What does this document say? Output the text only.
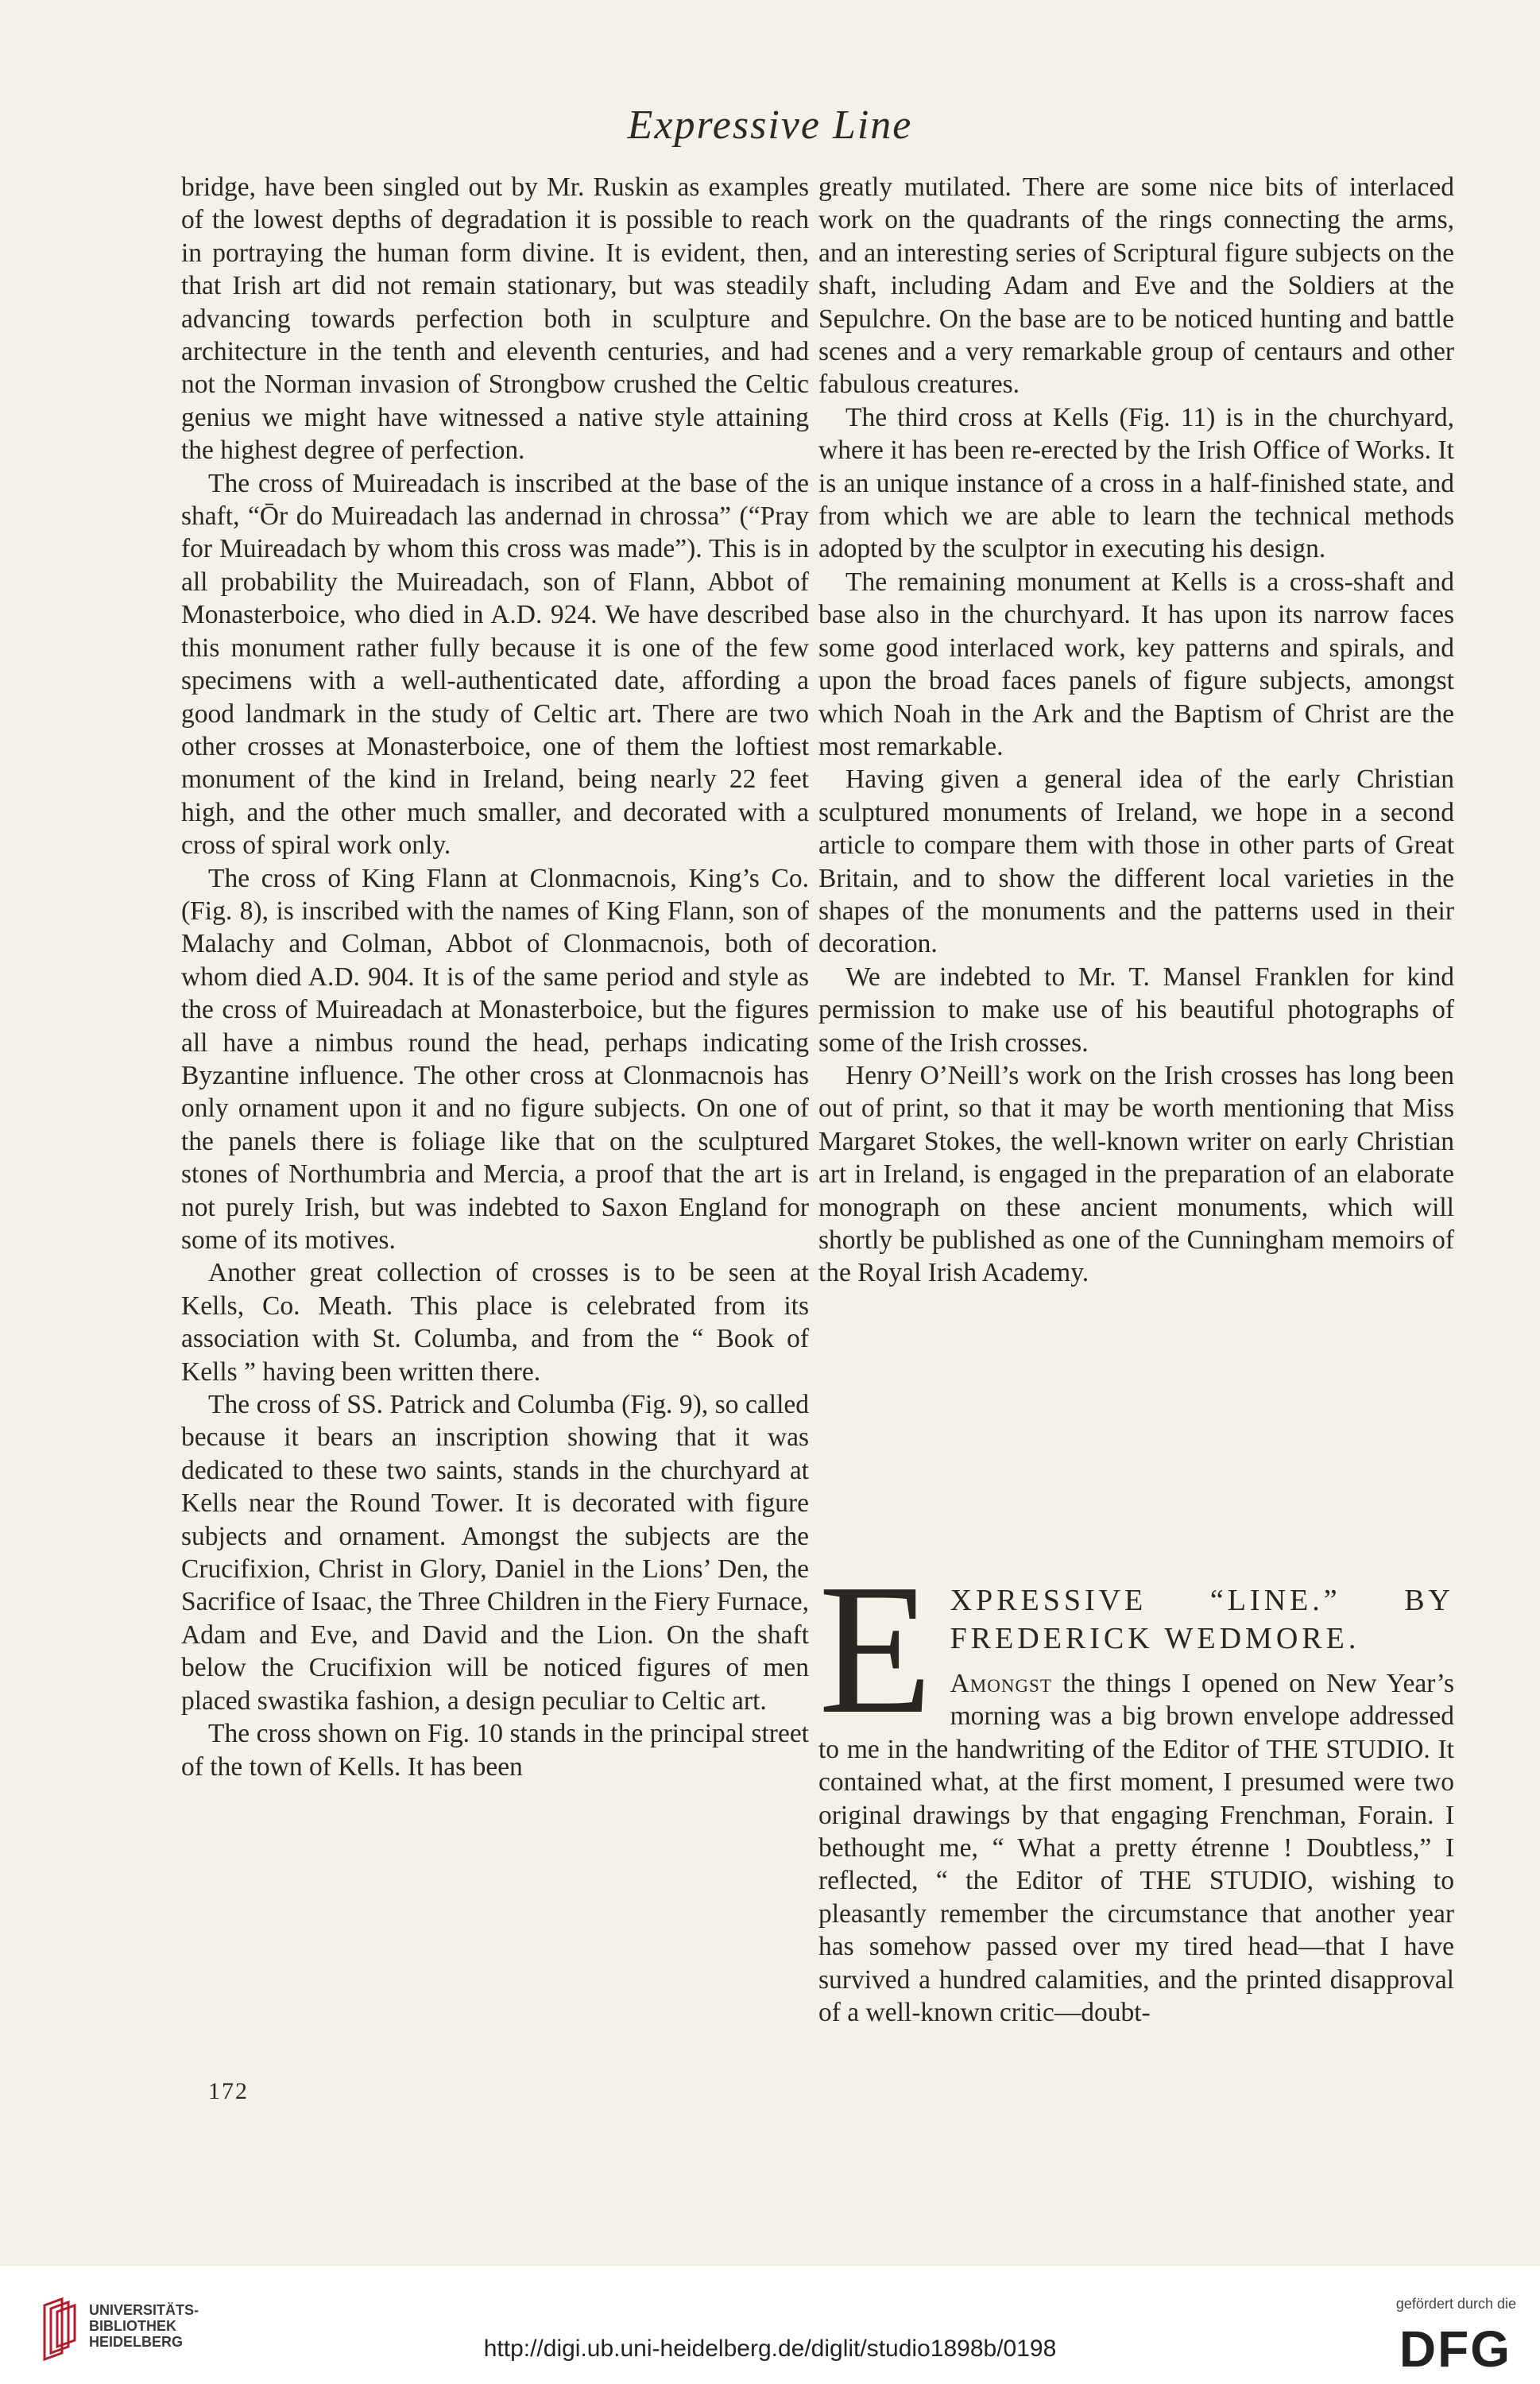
Expressive Line

bridge, have been singled out by Mr. Ruskin as examples of the lowest depths of degradation it is possible to reach in portraying the human form divine. It is evident, then, that Irish art did not remain stationary, but was steadily advancing towards perfection both in sculpture and architecture in the tenth and eleventh centuries, and had not the Norman invasion of Strongbow crushed the Celtic genius we might have witnessed a native style attaining the highest degree of perfection.

The cross of Muireadach is inscribed at the base of the shaft, “Ōr do Muireadach las andernad in chrossa” (“Pray for Muireadach by whom this cross was made”). This is in all probability the Muireadach, son of Flann, Abbot of Monasterboice, who died in A.D. 924. We have described this monument rather fully because it is one of the few specimens with a well-authenticated date, affording a good landmark in the study of Celtic art. There are two other crosses at Monasterboice, one of them the loftiest monument of the kind in Ireland, being nearly 22 feet high, and the other much smaller, and decorated with a cross of spiral work only.

The cross of King Flann at Clonmacnois, King’s Co. (Fig. 8), is inscribed with the names of King Flann, son of Malachy and Colman, Abbot of Clonmacnois, both of whom died A.D. 904. It is of the same period and style as the cross of Muireadach at Monasterboice, but the figures all have a nimbus round the head, perhaps indicating Byzantine influence. The other cross at Clonmacnois has only ornament upon it and no figure subjects. On one of the panels there is foliage like that on the sculptured stones of Northumbria and Mercia, a proof that the art is not purely Irish, but was indebted to Saxon England for some of its motives.

Another great collection of crosses is to be seen at Kells, Co. Meath. This place is celebrated from its association with St. Columba, and from the “ Book of Kells ” having been written there.

The cross of SS. Patrick and Columba (Fig. 9), so called because it bears an inscription showing that it was dedicated to these two saints, stands in the churchyard at Kells near the Round Tower. It is decorated with figure subjects and ornament. Amongst the subjects are the Crucifixion, Christ in Glory, Daniel in the Lions’ Den, the Sacrifice of Isaac, the Three Children in the Fiery Furnace, Adam and Eve, and David and the Lion. On the shaft below the Crucifixion will be noticed figures of men placed swastika fashion, a design peculiar to Celtic art.

The cross shown on Fig. 10 stands in the principal street of the town of Kells. It has been

172

greatly mutilated. There are some nice bits of interlaced work on the quadrants of the rings connecting the arms, and an interesting series of Scriptural figure subjects on the shaft, including Adam and Eve and the Soldiers at the Sepulchre. On the base are to be noticed hunting and battle scenes and a very remarkable group of centaurs and other fabulous creatures.

The third cross at Kells (Fig. 11) is in the churchyard, where it has been re-erected by the Irish Office of Works. It is an unique instance of a cross in a half-finished state, and from which we are able to learn the technical methods adopted by the sculptor in executing his design.

The remaining monument at Kells is a cross-shaft and base also in the churchyard. It has upon its narrow faces some good interlaced work, key patterns and spirals, and upon the broad faces panels of figure subjects, amongst which Noah in the Ark and the Baptism of Christ are the most remarkable.

Having given a general idea of the early Christian sculptured monuments of Ireland, we hope in a second article to compare them with those in other parts of Great Britain, and to show the different local varieties in the shapes of the monuments and the patterns used in their decoration.

We are indebted to Mr. T. Mansel Franklen for kind permission to make use of his beautiful photographs of some of the Irish crosses.

Henry O’Neill’s work on the Irish crosses has long been out of print, so that it may be worth mentioning that Miss Margaret Stokes, the well-known writer on early Christian art in Ireland, is engaged in the preparation of an elaborate monograph on these ancient monuments, which will shortly be published as one of the Cunningham memoirs of the Royal Irish Academy.

E XPRESSIVE “LINE.” BY FREDERICK WEDMORE.

Amongst the things I opened on New Year’s morning was a big brown envelope addressed to me in the handwriting of the Editor of THE STUDIO. It contained what, at the first moment, I presumed were two original drawings by that engaging Frenchman, Forain. I bethought me, “ What a pretty étrenne ! Doubtless,” I reflected, “ the Editor of THE STUDIO, wishing to pleasantly remember the circumstance that another year has somehow passed over my tired head—that I have survived a hundred calamities, and the printed disapproval of a well-known critic—doubt-

UNIVERSITÄTS-
BIBLIOTHEK
HEIDELBERG	http://digi.ub.uni-heidelberg.de/diglit/studio1898b/0198
gefördert durch die
DFG
